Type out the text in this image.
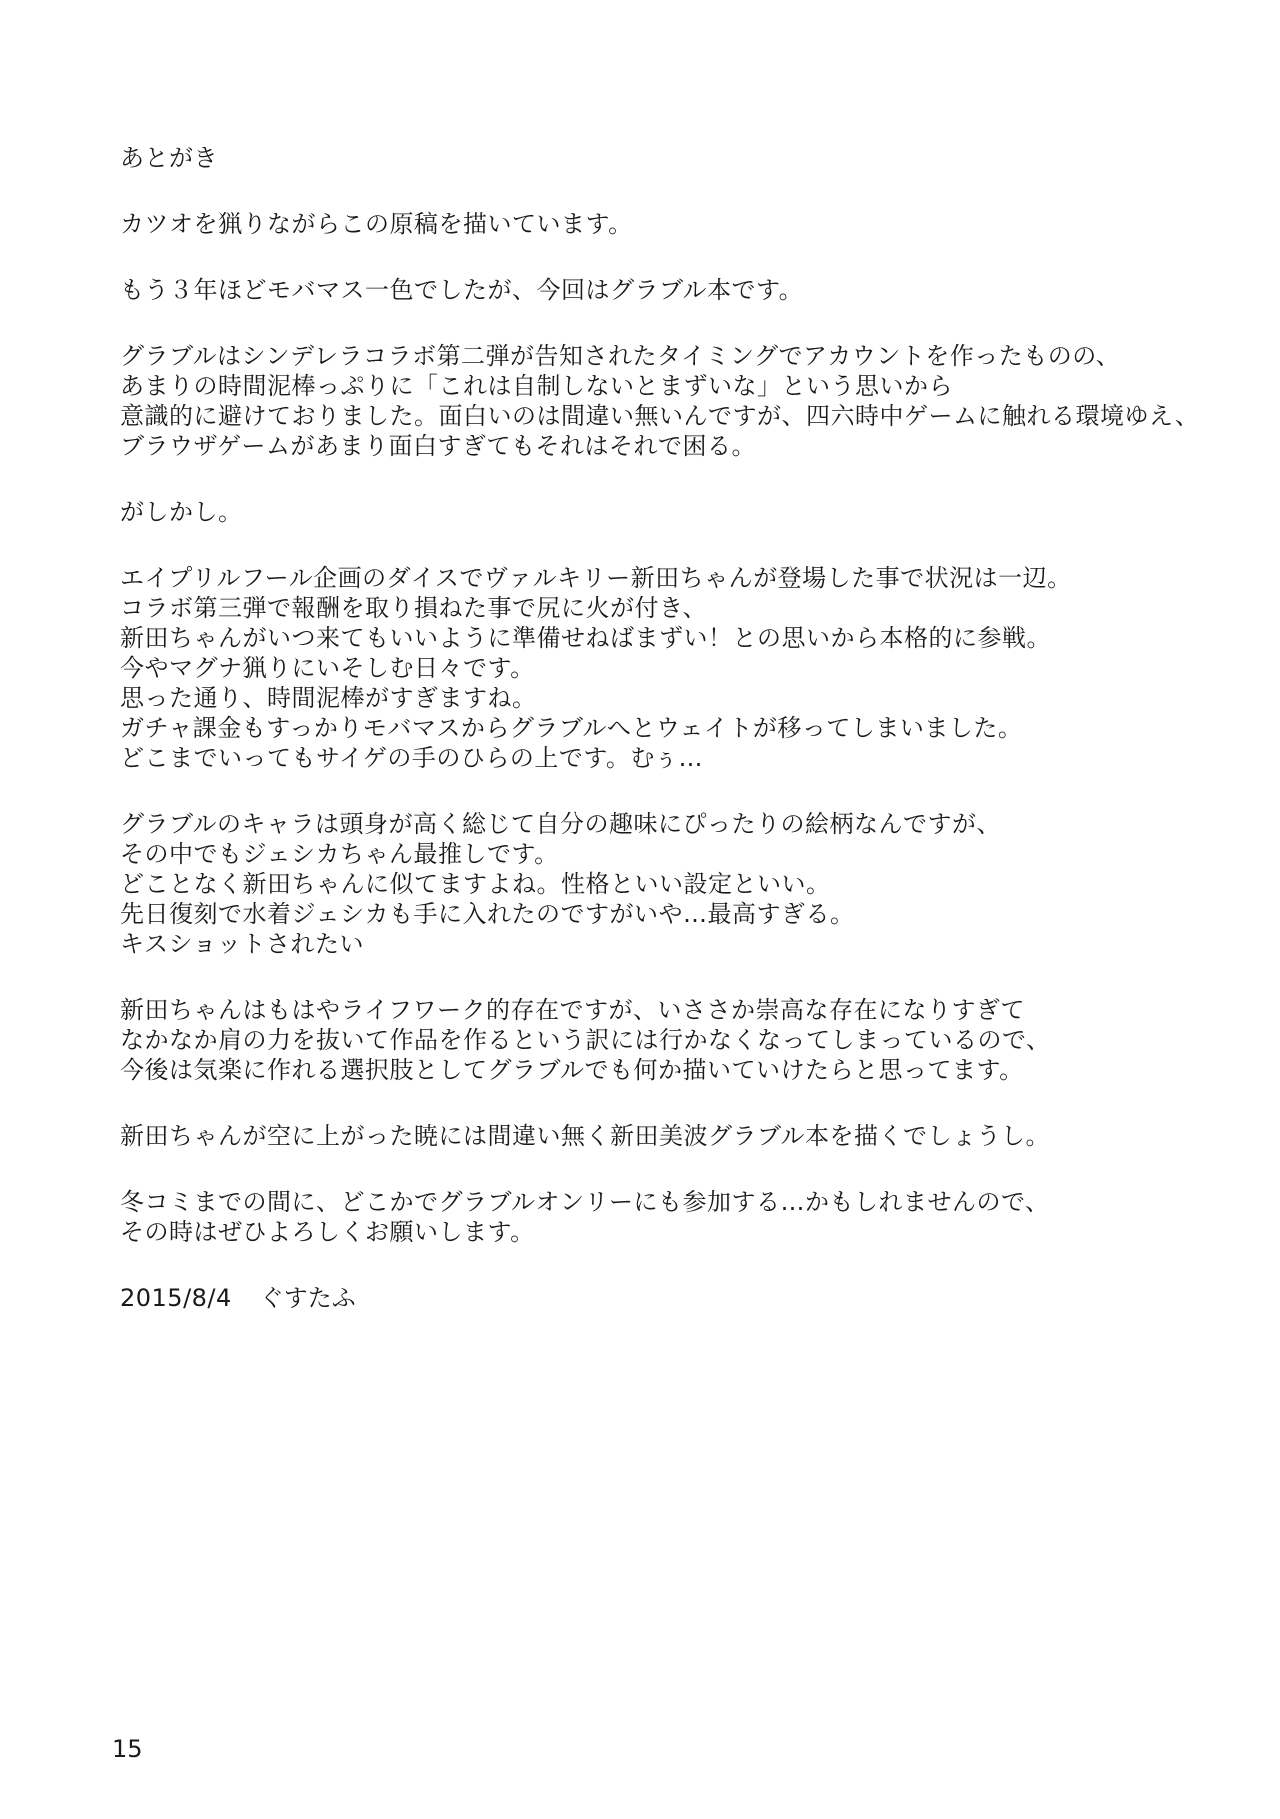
あとがき
カツオを猟りながらこの原稿を描いています。
もう３年ほどモバマス一色でしたが、今回はグラブル本です。
グラブルはシンデレラコラボ第二弾が告知されたタイミングでアカウントを作ったものの、
あまりの時間泥棒っぷりに「これは自制しないとまずいな」という思いから
意識的に避けておりました。面白いのは間違い無いんですが、四六時中ゲームに触れる環境ゆえ、
ブラウザゲームがあまり面白すぎてもそれはそれで困る。
がしかし。
エイプリルフール企画のダイスでヴァルキリー新田ちゃんが登場した事で状況は一辺。
コラボ第三弾で報酬を取り損ねた事で尻に火が付き、
新田ちゃんがいつ来てもいいように準備せねばまずい！との思いから本格的に参戦。
今やマグナ猟りにいそしむ日々です。
思った通り、時間泥棒がすぎますね。
ガチャ課金もすっかりモバマスからグラブルへとウェイトが移ってしまいました。
どこまでいってもサイゲの手のひらの上です。むぅ…
グラブルのキャラは頭身が高く総じて自分の趣味にぴったりの絵柄なんですが、
その中でもジェシカちゃん最推しです。
どことなく新田ちゃんに似てますよね。性格といい設定といい。
先日復刻で水着ジェシカも手に入れたのですがいや…最高すぎる。
キスショットされたい
新田ちゃんはもはやライフワーク的存在ですが、いささか崇高な存在になりすぎて
なかなか肩の力を抜いて作品を作るという訳には行かなくなってしまっているので、
今後は気楽に作れる選択肢としてグラブルでも何か描いていけたらと思ってます。
新田ちゃんが空に上がった暁には間違い無く新田美波グラブル本を描くでしょうし。
冬コミまでの間に、どこかでグラブルオンリーにも参加する…かもしれませんので、
その時はぜひよろしくお願いします。
2015/8/4 ぐすたふ
15
